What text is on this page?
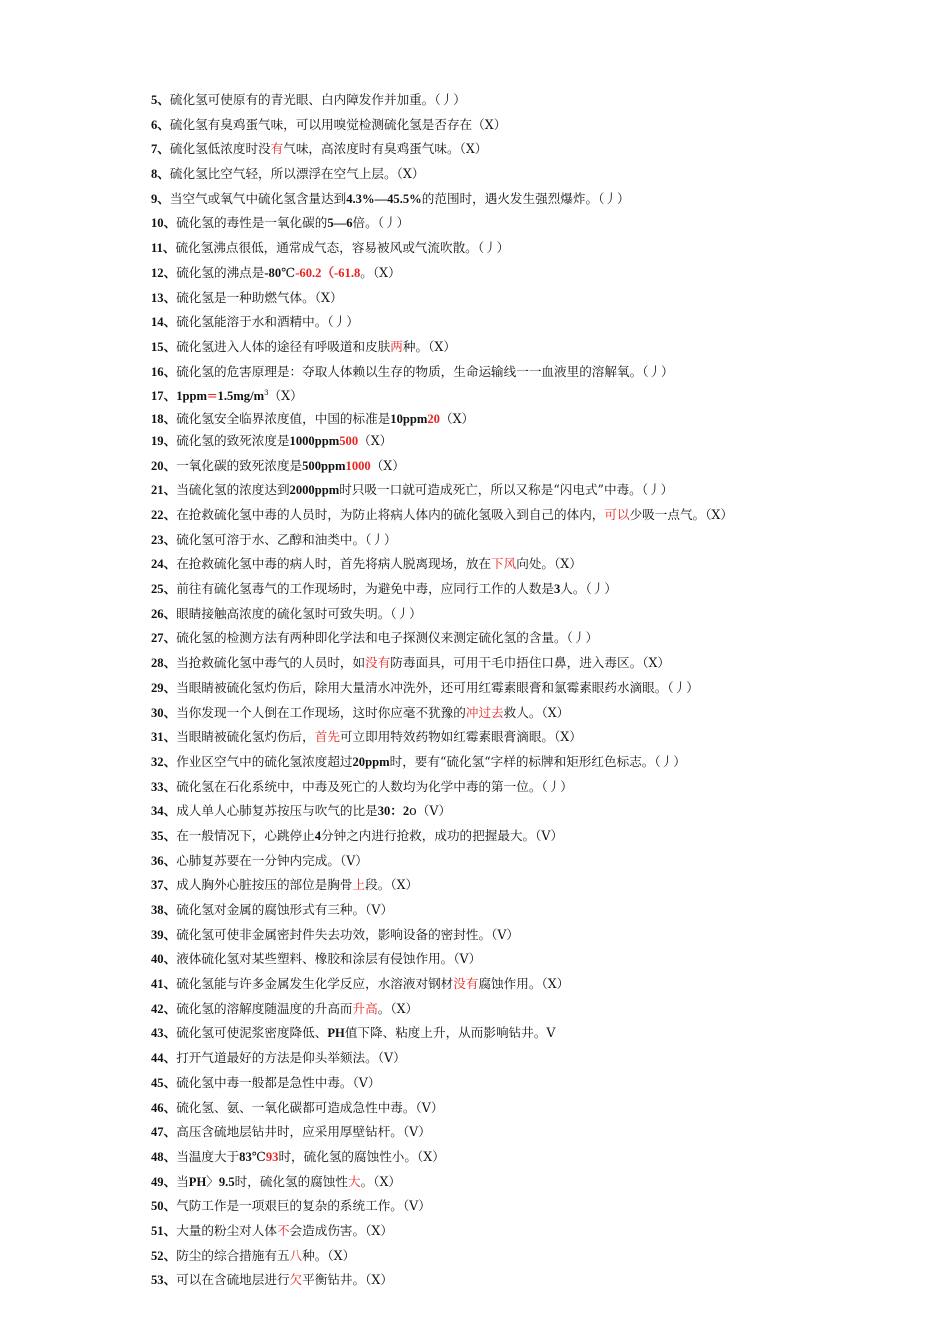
5、硫化氢可使原有的青光眼、白内障发作并加重。（丿）
6、硫化氢有臭鸡蛋气味，可以用嗅觉检测硫化氢是否存在（X）
7、硫化氢低浓度时没有气味，高浓度时有臭鸡蛋气味。（X）
8、硫化氢比空气轻，所以漂浮在空气上层。（X）
9、当空气或氧气中硫化氢含量达到4.3%—45.5%的范围时，遇火发生强烈爆炸。（丿）
10、硫化氢的毒性是一氧化碳的5—6倍。（丿）
11、硫化氢沸点很低，通常成气态，容易被风或气流吹散。（丿）
12、硫化氢的沸点是-80℃-60.2（-61.8。（X）
13、硫化氢是一种助燃气体。（X）
14、硫化氢能溶于水和酒精中。（丿）
15、硫化氢进入人体的途径有呼吸道和皮肤两种。（X）
16、硫化氢的危害原理是：夺取人体赖以生存的物质，生命运输线一一血液里的溶解氧。（丿）
17、$1ppm=1.5mg/m^3(X)$
18、硫化氢安全临界浓度值，中国的标准是10ppm20（X）
19、硫化氢的致死浓度是1000ppm500（X）
20、一氧化碳的致死浓度是500ppm1000（X）
21、当硫化氢的浓度达到2000ppm时只吸一口就可造成死亡，所以又称是“闪电式”中毒。（丿）
22、在抢救硫化氢中毒的人员时，为防止将病人体内的硫化氢吸入到自己的体内，可以少吸一点气。（X）
23、硫化氢可溶于水、乙醇和油类中。（丿）
24、在抢救硫化氢中毒的病人时，首先将病人脱离现场，放在下风向处。（X）
25、前往有硫化氢毒气的工作现场时，为避免中毒，应同行工作的人数是3人。（丿）
26、眼睛接触高浓度的硫化氢时可致失明。（丿）
27、硫化氢的检测方法有两种即化学法和电子探测仪来测定硫化氢的含量。（丿）
28、当抢救硫化氢中毒气的人员时，如没有防毒面具，可用干毛巾捂住口鼻，进入毒区。（X）
29、当眼睛被硫化氢灼伤后，除用大量清水冲洗外，还可用红霉素眼膏和氯霉素眼药水滴眼。（丿）
30、当你发现一个人倒在工作现场，这时你应毫不犹豫的冲过去救人。（X）
31、当眼睛被硫化氢灼伤后，首先可立即用特效药物如红霉素眼膏滴眼。（X）
32、作业区空气中的硫化氢浓度超过20ppm时，要有“硫化氢“字样的标牌和矩形红色标志。（丿）
33、硫化氢在石化系统中，中毒及死亡的人数均为化学中毒的第一位。（丿）
34、成人单人心肺复苏按压与吹气的比是30：2o（V）
35、在一般情况下，心跳停止4分钟之内进行抢救，成功的把握最大。（V）
36、心肺复苏要在一分钟内完成。（V）
37、成人胸外心脏按压的部位是胸骨上段。（X）
38、硫化氢对金属的腐蚀形式有三种。（V）
39、硫化氢可使非金属密封件失去功效，影响设备的密封性。（V）
40、液体硫化氢对某些塑料、橡胶和涂层有侵蚀作用。（V）
41、硫化氢能与许多金属发生化学反应，水溶液对钢材没有腐蚀作用。（X）
42、硫化氢的溶解度随温度的升高而升高。（X）
43、硫化氢可使泥浆密度降低、PH值下降、粘度上升，从而影响钻井。V
44、打开气道最好的方法是仰头举颏法。（V）
45、硫化氢中毒一般都是急性中毒。（V）
46、硫化氢、氨、一氧化碳都可造成急性中毒。（V）
47、高压含硫地层钻井时，应采用厚壁钻杆。（V）
48、当温度大于83℃93时，硫化氢的腐蚀性小。（X）
49、当PH〉9.5时，硫化氢的腐蚀性大。（X）
50、气防工作是一项艰巨的复杂的系统工作。（V）
51、大量的粉尘对人体不会造成伤害。（X）
52、防尘的综合措施有五八种。（X）
53、可以在含硫地层进行欠平衡钻井。（X）
